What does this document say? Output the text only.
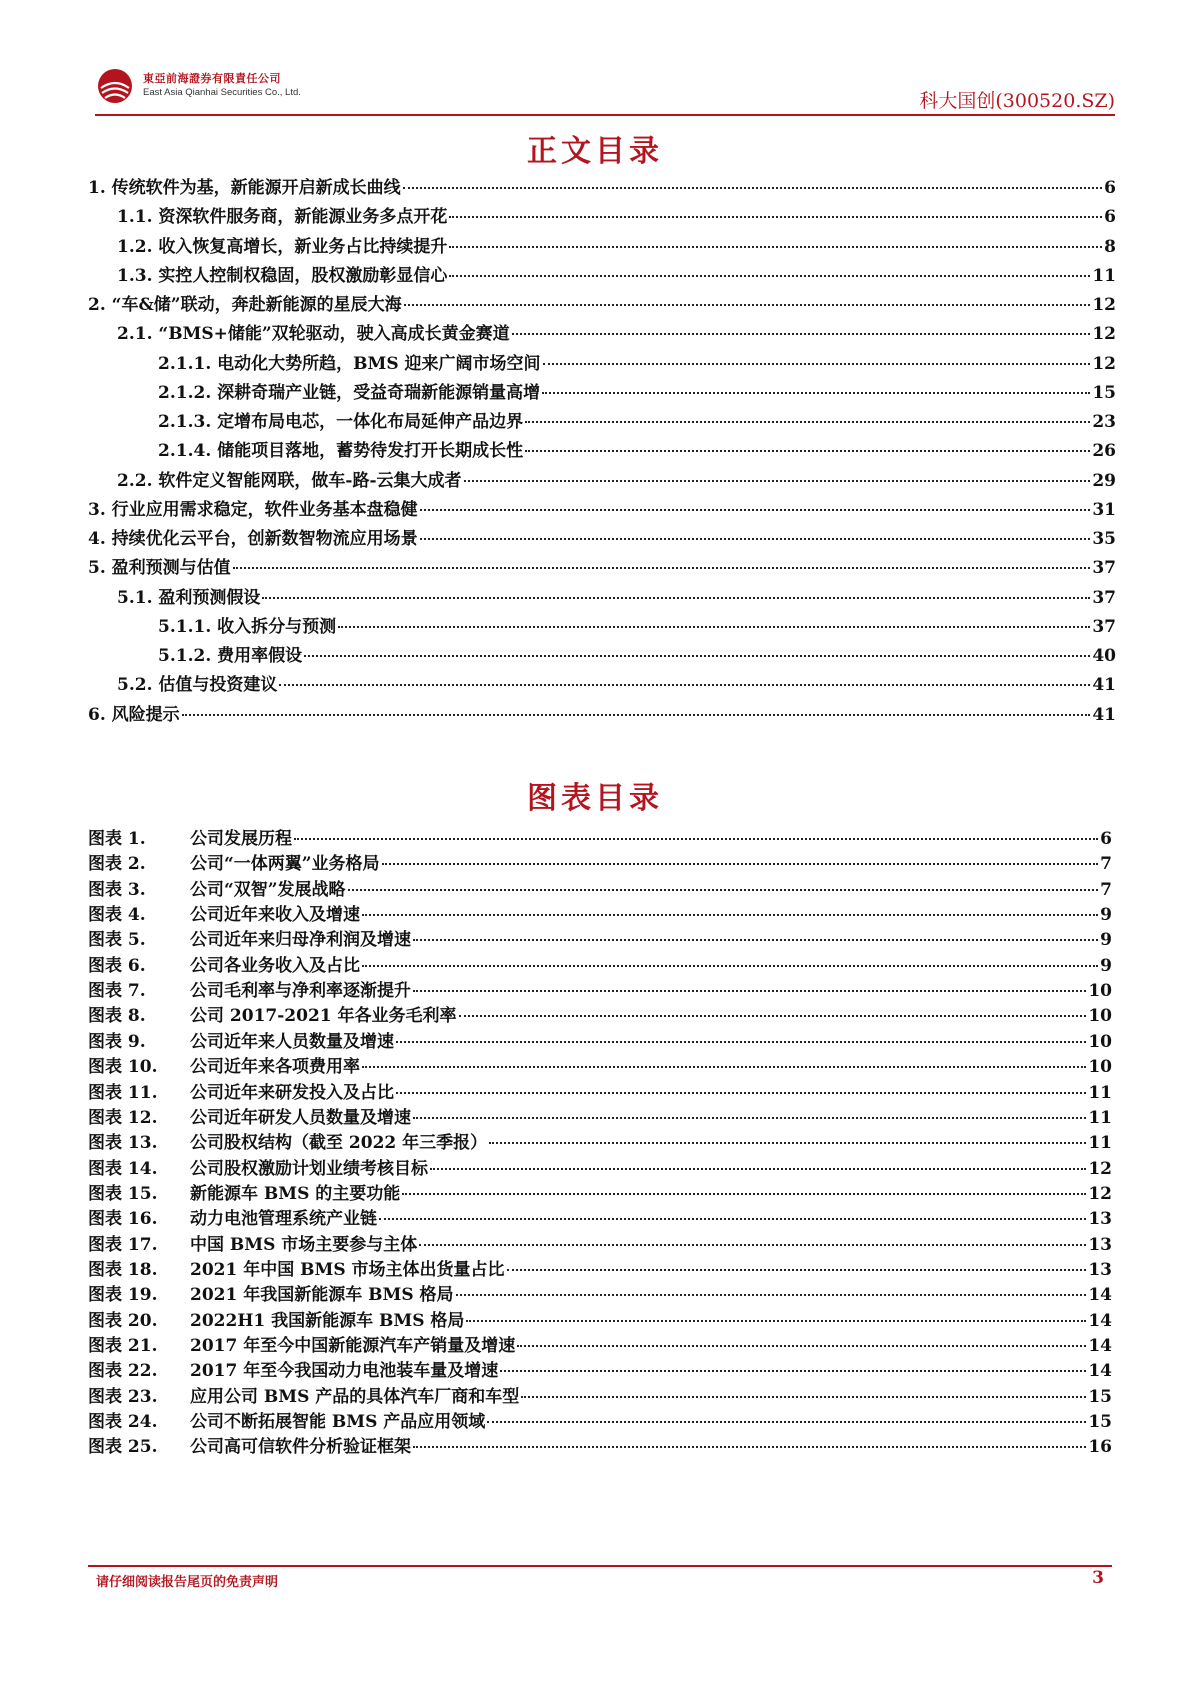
東亞前海證券有限責任公司
East Asia Qianhai Securities Co., Ltd.	科大国创(300520.SZ)
正文目录
1. 传统软件为基，新能源开启新成长曲线	6
1.1. 资深软件服务商，新能源业务多点开花	6
1.2. 收入恢复高增长，新业务占比持续提升	8
1.3. 实控人控制权稳固，股权激励彰显信心	11
2. “车&储”联动，奔赴新能源的星辰大海	12
2.1. “BMS+储能”双轮驱动，驶入高成长黄金赛道	12
2.1.1. 电动化大势所趋，BMS 迎来广阔市场空间	12
2.1.2. 深耕奇瑞产业链，受益奇瑞新能源销量高增	15
2.1.3. 定增布局电芯，一体化布局延伸产品边界	23
2.1.4. 储能项目落地，蓄势待发打开长期成长性	26
2.2. 软件定义智能网联，做车-路-云集大成者	29
3. 行业应用需求稳定，软件业务基本盘稳健	31
4. 持续优化云平台，创新数智物流应用场景	35
5. 盈利预测与估值	37
5.1. 盈利预测假设	37
5.1.1. 收入拆分与预测	37
5.1.2. 费用率假设	40
5.2. 估值与投资建议	41
6. 风险提示	41
图表目录
图表 1.	公司发展历程	6
图表 2.	公司“一体两翼”业务格局	7
图表 3.	公司“双智”发展战略	7
图表 4.	公司近年来收入及增速	9
图表 5.	公司近年来归母净利润及增速	9
图表 6.	公司各业务收入及占比	9
图表 7.	公司毛利率与净利率逐渐提升	10
图表 8.	公司 2017-2021 年各业务毛利率	10
图表 9.	公司近年来人员数量及增速	10
图表 10.	公司近年来各项费用率	10
图表 11.	公司近年来研发投入及占比	11
图表 12.	公司近年研发人员数量及增速	11
图表 13.	公司股权结构（截至 2022 年三季报）	11
图表 14.	公司股权激励计划业绩考核目标	12
图表 15.	新能源车 BMS 的主要功能	12
图表 16.	动力电池管理系统产业链	13
图表 17.	中国 BMS 市场主要参与主体	13
图表 18.	2021 年中国 BMS 市场主体出货量占比	13
图表 19.	2021 年我国新能源车 BMS 格局	14
图表 20.	2022H1 我国新能源车 BMS 格局	14
图表 21.	2017 年至今中国新能源汽车产销量及增速	14
图表 22.	2017 年至今我国动力电池装车量及增速	14
图表 23.	应用公司 BMS 产品的具体汽车厂商和车型	15
图表 24.	公司不断拓展智能 BMS 产品应用领域	15
图表 25.	公司高可信软件分析验证框架	16
请仔细阅读报告尾页的免责声明	3
